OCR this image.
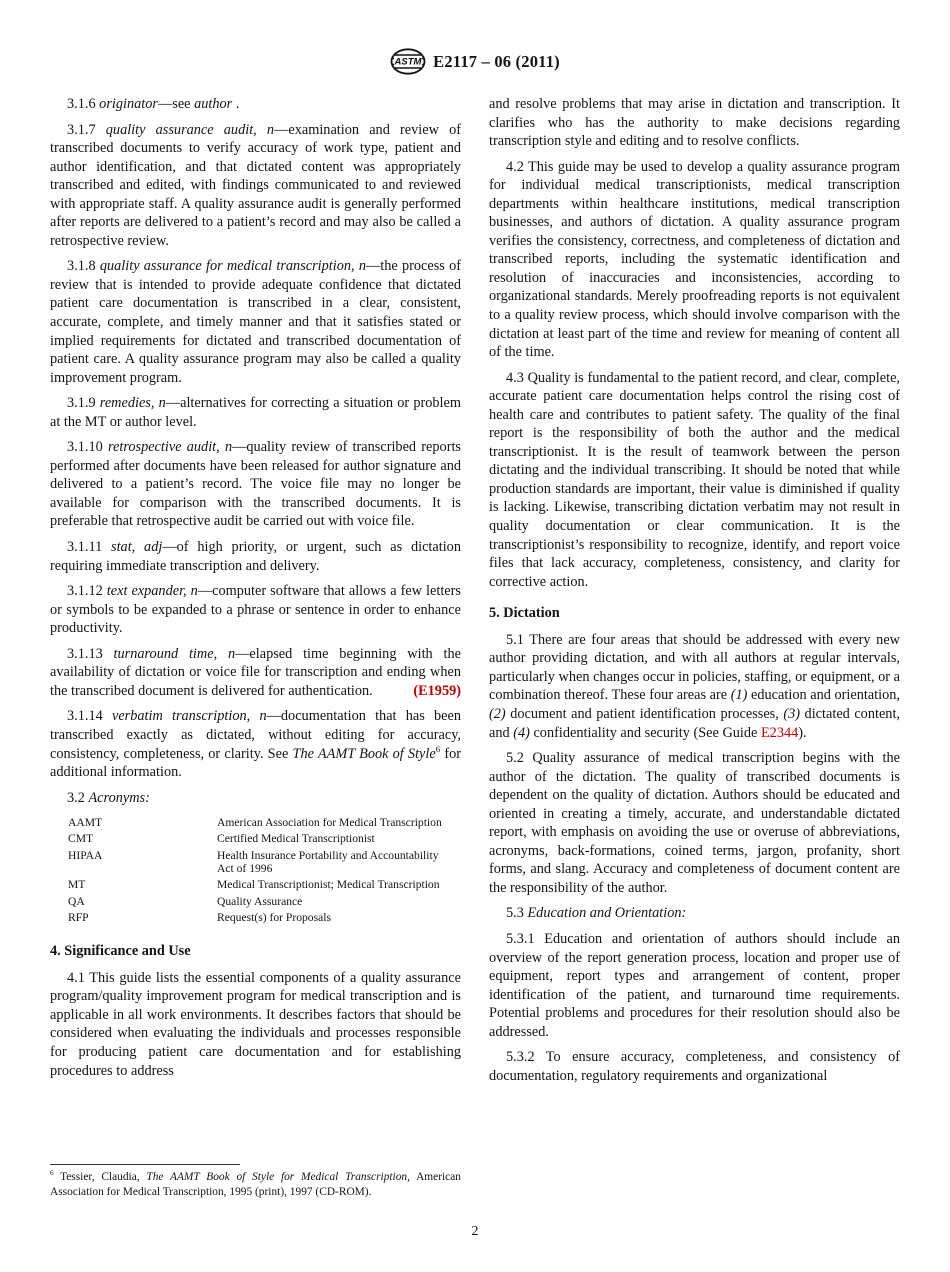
ASTM E2117 – 06 (2011)

3.1.6 originator—see author .

3.1.7 quality assurance audit, n—examination and review of transcribed documents to verify accuracy of work type, patient and author identification, and that dictated content was appropriately transcribed and edited, with findings communicated to and reviewed with appropriate staff. A quality assurance audit is generally performed after reports are delivered to a patient’s record and may also be called a retrospective review.

3.1.8 quality assurance for medical transcription, n—the process of review that is intended to provide adequate confidence that dictated patient care documentation is transcribed in a clear, consistent, accurate, complete, and timely manner and that it satisfies stated or implied requirements for dictated and transcribed documentation of patient care. A quality assurance program may also be called a quality improvement program.

3.1.9 remedies, n—alternatives for correcting a situation or problem at the MT or author level.

3.1.10 retrospective audit, n—quality review of transcribed reports performed after documents have been released for author signature and delivered to a patient’s record. The voice file may no longer be available for comparison with the transcribed documents. It is preferable that retrospective audit be carried out with voice file.

3.1.11 stat, adj—of high priority, or urgent, such as dictation requiring immediate transcription and delivery.

3.1.12 text expander, n—computer software that allows a few letters or symbols to be expanded to a phrase or sentence in order to enhance productivity.

3.1.13 turnaround time, n—elapsed time beginning with the availability of dictation or voice file for transcription and ending when the transcribed document is delivered for authentication.	(E1959)

3.1.14 verbatim transcription, n—documentation that has been transcribed exactly as dictated, without editing for accuracy, consistency, completeness, or clarity. See The AAMT Book of Style$^6$ for additional information.

3.2 Acronyms:

AAMT	American Association for Medical Transcription
CMT	Certified Medical Transcriptionist
HIPAA	Health Insurance Portability and Accountability Act of 1996
MT	Medical Transcriptionist; Medical Transcription
QA	Quality Assurance
RFP	Request(s) for Proposals

4. Significance and Use

4.1 This guide lists the essential components of a quality assurance program/quality improvement program for medical transcription and is applicable in all work environments. It describes factors that should be considered when evaluating the individuals and processes responsible for producing patient care documentation and for establishing procedures to address

$^6$ Tessier, Claudia, The AAMT Book of Style for Medical Transcription, American Association for Medical Transcription, 1995 (print), 1997 (CD-ROM).

and resolve problems that may arise in dictation and transcription. It clarifies who has the authority to make decisions regarding transcription style and editing and to resolve conflicts.

4.2 This guide may be used to develop a quality assurance program for individual medical transcriptionists, medical transcription departments within healthcare institutions, medical transcription businesses, and authors of dictation. A quality assurance program verifies the consistency, correctness, and completeness of dictation and transcribed reports, including the systematic identification and resolution of inaccuracies and inconsistencies, according to organizational standards. Merely proofreading reports is not equivalent to a quality review process, which should involve comparison with the dictation at least part of the time and review for meaning of content all of the time.

4.3 Quality is fundamental to the patient record, and clear, complete, accurate patient care documentation helps control the rising cost of health care and contributes to patient safety. The quality of the final report is the responsibility of both the author and the medical transcriptionist. It is the result of teamwork between the person dictating and the individual transcribing. It should be noted that while production standards are important, their value is diminished if quality is lacking. Likewise, transcribing dictation verbatim may not result in quality documentation or clear communication. It is the transcriptionist’s responsibility to recognize, identify, and report voice files that lack accuracy, completeness, consistency, and clarity for corrective action.

5. Dictation

5.1 There are four areas that should be addressed with every new author providing dictation, and with all authors at regular intervals, particularly when changes occur in policies, staffing, or equipment, or a combination thereof. These four areas are (1) education and orientation, (2) document and patient identification processes, (3) dictated content, and (4) confidentiality and security (See Guide E2344).

5.2 Quality assurance of medical transcription begins with the author of the dictation. The quality of transcribed documents is dependent on the quality of dictation. Authors should be educated and oriented in creating a timely, accurate, and understandable dictated report, with emphasis on avoiding the use or overuse of abbreviations, acronyms, back-formations, coined terms, jargon, profanity, short forms, and slang. Accuracy and completeness of document content are the responsibility of the author.

5.3 Education and Orientation:

5.3.1 Education and orientation of authors should include an overview of the report generation process, location and proper use of equipment, report types and arrangement of content, proper identification of the patient, and turnaround time requirements. Potential problems and procedures for their resolution should also be addressed.

5.3.2 To ensure accuracy, completeness, and consistency of documentation, regulatory requirements and organizational

2
